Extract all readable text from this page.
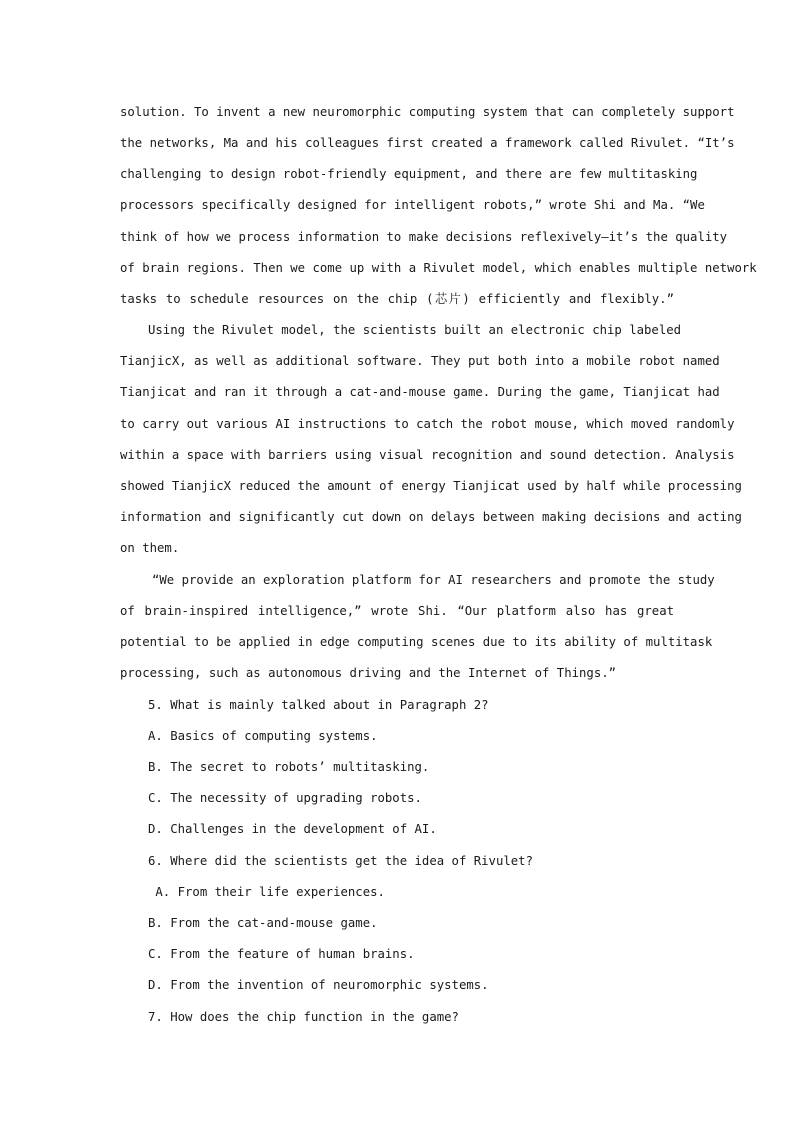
solution. To invent a new neuromorphic computing system that can completely support
the networks, Ma and his colleagues first created a framework called Rivulet. “It’s
challenging to design robot-friendly equipment, and there are few multitasking
processors specifically designed for intelligent robots,” wrote Shi and Ma. “We
think of how we process information to make decisions reflexively—it’s the quality
of brain regions. Then we come up with a Rivulet model, which enables multiple network
tasks to schedule resources on the chip (芯片) efficiently and flexibly.”
Using the Rivulet model, the scientists built an electronic chip labeled
TianjicX, as well as additional software. They put both into a mobile robot named
Tianjicat and ran it through a cat-and-mouse game. During the game, Tianjicat had
to carry out various AI instructions to catch the robot mouse, which moved randomly
within a space with barriers using visual recognition and sound detection. Analysis
showed TianjicX reduced the amount of energy Tianjicat used by half while processing
information and significantly cut down on delays between making decisions and acting
on them.
“We provide an exploration platform for AI researchers and promote the study
of brain-inspired intelligence,” wrote Shi. “Our platform also has great
potential to be applied in edge computing scenes due to its ability of multitask
processing, such as autonomous driving and the Internet of Things.”
5. What is mainly talked about in Paragraph 2?
A. Basics of computing systems.
B. The secret to robots’ multitasking.
C. The necessity of upgrading robots.
D. Challenges in the development of AI.
6. Where did the scientists get the idea of Rivulet?
A. From their life experiences.
B. From the cat-and-mouse game.
C. From the feature of human brains.
D. From the invention of neuromorphic systems.
7. How does the chip function in the game?
